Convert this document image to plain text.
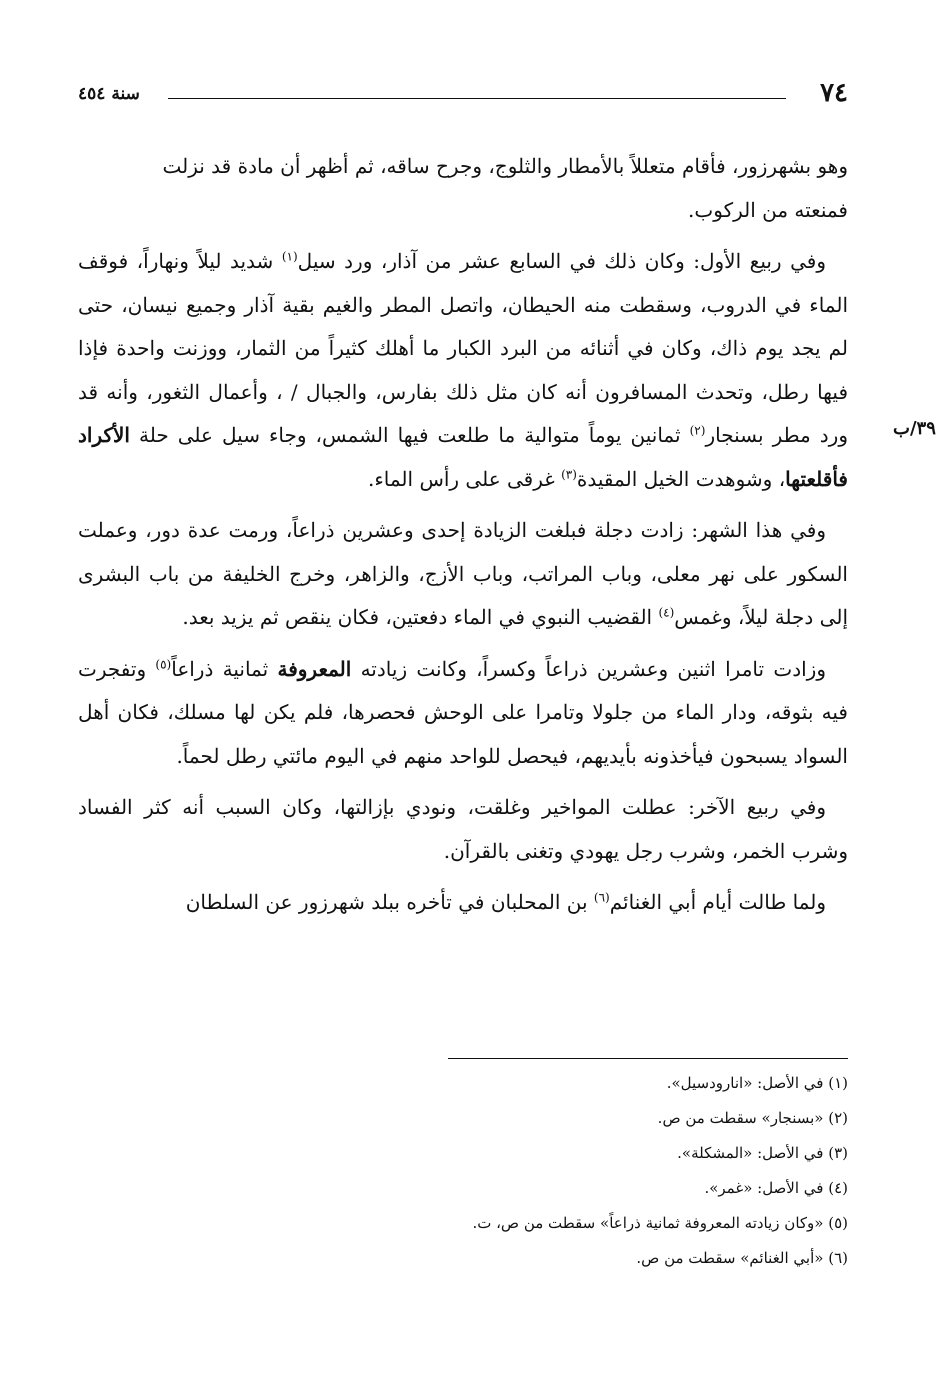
٧٤
سنة ٤٥٤
٣٩/ب

وهو بشهرزور، فأقام متعللاً بالأمطار والثلوج، وجرح ساقه، ثم أظهر أن مادة قد نزلت

فمنعته من الركوب.

وفي ربيع الأول: وكان ذلك في السابع عشر من آذار، ورد سيل$^{(١)}$ شديد ليلاً ونهاراً، فوقف الماء في الدروب، وسقطت منه الحيطان، واتصل المطر والغيم بقية آذار وجميع نيسان، حتى لم يجد يوم ذاك، وكان في أثنائه من البرد الكبار ما أهلك كثيراً من الثمار، ووزنت واحدة فإذا فيها رطل، وتحدث المسافرون أنه كان مثل ذلك بفارس، والجبال / ، وأعمال الثغور، وأنه قد ورد مطر بسنجار$^{(٢)}$ ثمانين يوماً متوالية ما طلعت فيها الشمس، وجاء سيل على حلة الأكراد فأقلعتها، وشوهدت الخيل المقيدة$^{(٣)}$ غرقى على رأس الماء.
وفي هذا الشهر: زادت دجلة فبلغت الزيادة إحدى وعشرين ذراعاً، ورمت عدة دور، وعملت السكور على نهر معلى، وباب المراتب، وباب الأزج، والزاهر، وخرج الخليفة من باب البشرى إلى دجلة ليلاً، وغمس$^{(٤)}$ القضيب النبوي في الماء دفعتين، فكان ينقص ثم يزيد بعد.
وزادت تامرا اثنين وعشرين ذراعاً وكسراً، وكانت زيادته المعروفة ثمانية ذراعاً$^{(٥)}$ وتفجرت فيه بثوقه، ودار الماء من جلولا وتامرا على الوحش فحصرها، فلم يكن لها مسلك، فكان أهل السواد يسبحون فيأخذونه بأيديهم، فيحصل للواحد منهم في اليوم مائتي رطل لحماً.
وفي ربيع الآخر: عطلت المواخير وغلقت، ونودي بإزالتها، وكان السبب أنه كثر الفساد وشرب الخمر، وشرب رجل يهودي وتغنى بالقرآن.
ولما طالت أيام أبي الغنائم$^{(٦)}$ بن المحلبان في تأخره ببلد شهرزور عن السلطان
(١) في الأصل: «انارودسيل».
(٢) «بسنجار» سقطت من ص.
(٣) في الأصل: «المشكلة».
(٤) في الأصل: «غمر».
(٥) «وكان زيادته المعروفة ثمانية ذراعاً» سقطت من ص، ت.
(٦) «أبي الغنائم» سقطت من ص.
